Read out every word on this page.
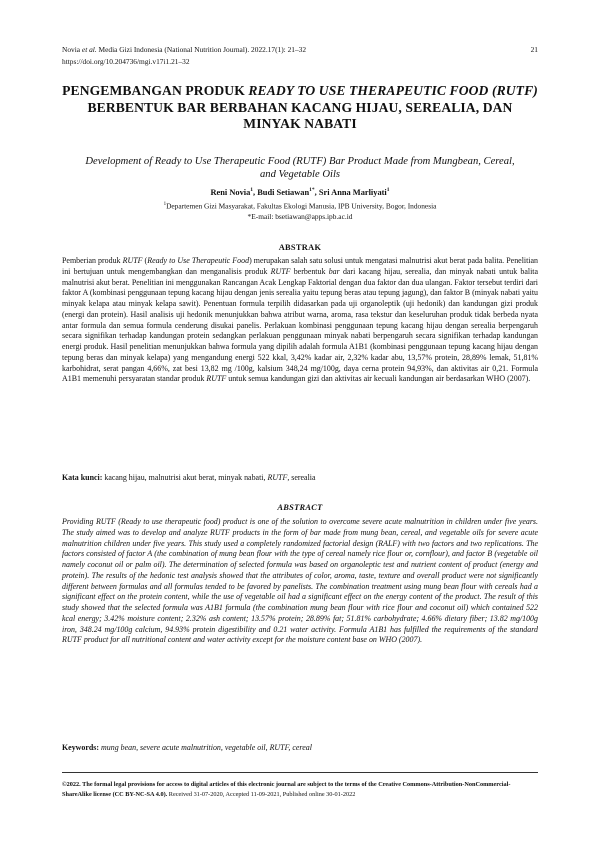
Novia et al. Media Gizi Indonesia (National Nutrition Journal). 2022.17(1): 21–32
https://doi.org/10.204736/mgi.v17i1.21–32
21
PENGEMBANGAN PRODUK READY TO USE THERAPEUTIC FOOD (RUTF) BERBENTUK BAR BERBAHAN KACANG HIJAU, SEREALIA, DAN MINYAK NABATI
Development of Ready to Use Therapeutic Food (RUTF) Bar Product Made from Mungbean, Cereal, and Vegetable Oils
Reni Novia$^1$, Budi Setiawan$^{1*}$, Sri Anna Marliyati$^1$
$^1$Departemen Gizi Masyarakat, Fakultas Ekologi Manusia, IPB University, Bogor, Indonesia
*E-mail: bsetiawan@apps.ipb.ac.id
ABSTRAK
Pemberian produk RUTF (Ready to Use Therapeutic Food) merupakan salah satu solusi untuk mengatasi malnutrisi akut berat pada balita. Penelitian ini bertujuan untuk mengembangkan dan menganalisis produk RUTF berbentuk bar dari kacang hijau, serealia, dan minyak nabati untuk balita malnutrisi akut berat. Penelitian ini menggunakan Rancangan Acak Lengkap Faktorial dengan dua faktor dan dua ulangan. Faktor tersebut terdiri dari faktor A (kombinasi penggunaan tepung kacang hijau dengan jenis serealia yaitu tepung beras atau tepung jagung), dan faktor B (minyak nabati yaitu minyak kelapa atau minyak kelapa sawit). Penentuan formula terpilih didasarkan pada uji organoleptik (uji hedonik) dan kandungan gizi produk (energi dan protein). Hasil analisis uji hedonik menunjukkan bahwa atribut warna, aroma, rasa tekstur dan keseluruhan produk tidak berbeda nyata antar formula dan semua formula cenderung disukai panelis. Perlakuan kombinasi penggunaan tepung kacang hijau dengan serealia berpengaruh secara signifikan terhadap kandungan protein sedangkan perlakuan penggunaan minyak nabati berpengaruh secara signifikan terhadap kandungan energi produk. Hasil penelitian menunjukkan bahwa formula yang dipilih adalah formula A1B1 (kombinasi penggunaan tepung kacang hijau dengan tepung beras dan minyak kelapa) yang mengandung energi 522 kkal, 3,42% kadar air, 2,32% kadar abu, 13,57% protein, 28,89% lemak, 51,81% karbohidrat, serat pangan 4,66%, zat besi 13,82 mg /100g, kalsium 348,24 mg/100g, daya cerna protein 94,93%, dan aktivitas air 0,21. Formula A1B1 memenuhi persyaratan standar produk RUTF untuk semua kandungan gizi dan aktivitas air kecuali kandungan air berdasarkan WHO (2007).
Kata kunci: kacang hijau, malnutrisi akut berat, minyak nabati, RUTF, serealia
ABSTRACT
Providing RUTF (Ready to use therapeutic food) product is one of the solution to overcome severe acute malnutrition in children under five years. The study aimed was to develop and analyze RUTF products in the form of bar made from mung bean, cereal, and vegetable oils for severe acute malnutrition children under five years. This study used a completely randomized factorial design (RALF) with two factors and two replications. The factors consisted of factor A (the combination of mung bean flour with the type of cereal namely rice flour or, cornflour), and factor B (vegetable oil namely coconut oil or palm oil). The determination of selected formula was based on organoleptic test and nutrient content of product (energy and protein). The results of the hedonic test analysis showed that the attributes of color, aroma, taste, texture and overall product were not significantly different between formulas and all formulas tended to be favored by panelists. The combination treatment using mung bean flour with cereals had a significant effect on the protein content, while the use of vegetable oil had a significant effect on the energy content of the product. The result of this study showed that the selected formula was A1B1 formula (the combination mung bean flour with rice flour and coconut oil) which contained 522 kcal energy; 3.42% moisture content; 2.32% ash content; 13.57% protein; 28.89% fat; 51.81% carbohydrate; 4.66% dietary fiber; 13.82 mg/100g iron, 348.24 mg/100g calcium, 94.93% protein digestibility and 0.21 water activity. Formula A1B1 has fulfilled the requirements of the standard RUTF product for all nutritional content and water activity except for the moisture content base on WHO (2007).
Keywords: mung bean, severe acute malnutrition, vegetable oil, RUTF, cereal
©2022. The formal legal provisions for access to digital articles of this electronic journal are subject to the terms of the Creative Commons-Attribution-NonCommercial-ShareAlike license (CC BY-NC-SA 4.0). Received 31-07-2020, Accepted 11-09-2021, Published online 30-01-2022
